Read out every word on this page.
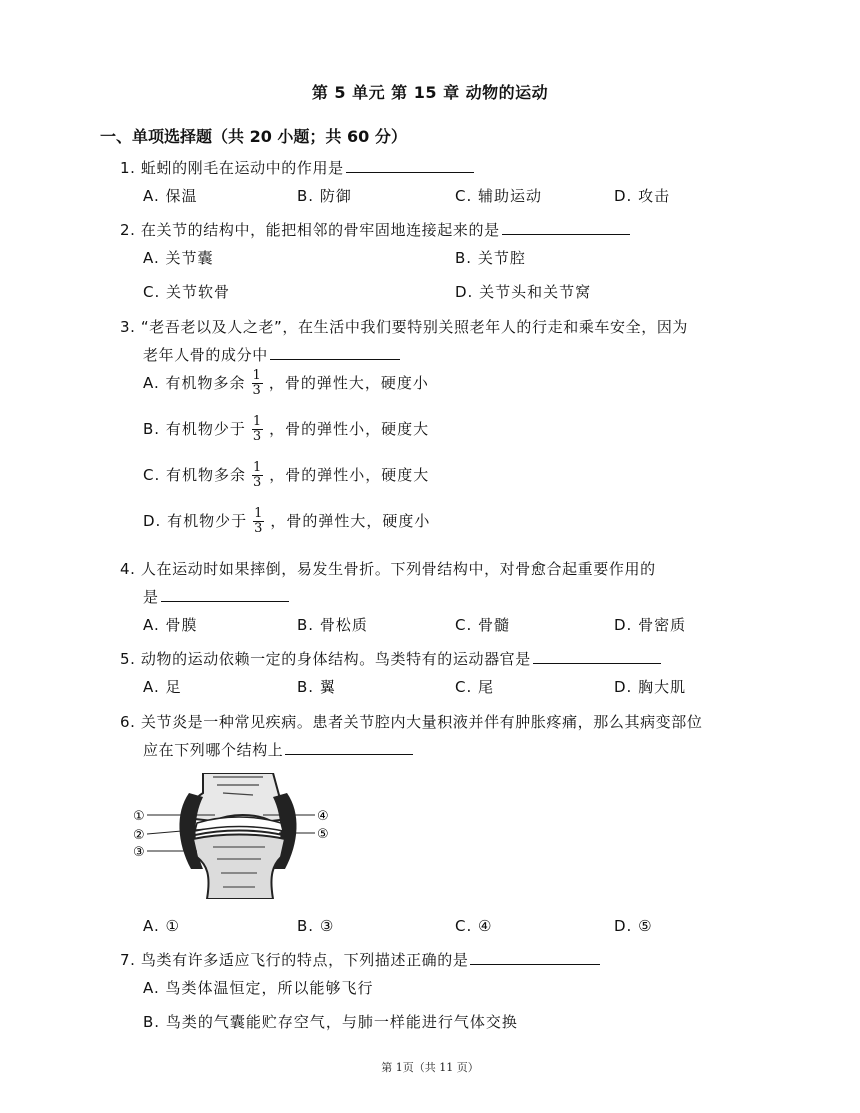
第 5 单元 第 15 章 动物的运动
一、单项选择题（共 20 小题；共 60 分）
1. 蚯蚓的刚毛在运动中的作用是
A. 保温	B. 防御	C. 辅助运动	D. 攻击
2. 在关节的结构中，能把相邻的骨牢固地连接起来的是
A. 关节囊	B. 关节腔
C. 关节软骨	D. 关节头和关节窝
3. “老吾老以及人之老”，在生活中我们要特别关照老年人的行走和乘车安全，因为
老年人骨的成分中
A. 有机物多余 $\frac{1}{3}$ ，骨的弹性大，硬度小
B. 有机物少于 $\frac{1}{3}$ ，骨的弹性小，硬度大
C. 有机物多余 $\frac{1}{3}$ ，骨的弹性小，硬度大
D. 有机物少于 $\frac{1}{3}$ ，骨的弹性大，硬度小
4. 人在运动时如果摔倒，易发生骨折。下列骨结构中，对骨愈合起重要作用的
是
A. 骨膜	B. 骨松质	C. 骨髓	D. 骨密质
5. 动物的运动依赖一定的身体结构。鸟类特有的运动器官是
A. 足	B. 翼	C. 尾	D. 胸大肌
6. 关节炎是一种常见疾病。患者关节腔内大量积液并伴有肿胀疼痛，那么其病变部位
应在下列哪个结构上
①
②
③
④
⑤
A. ①	B. ③	C. ④	D. ⑤
7. 鸟类有许多适应飞行的特点，下列描述正确的是
A. 鸟类体温恒定，所以能够飞行
B. 鸟类的气囊能贮存空气，与肺一样能进行气体交换
第 1页（共 11 页）
